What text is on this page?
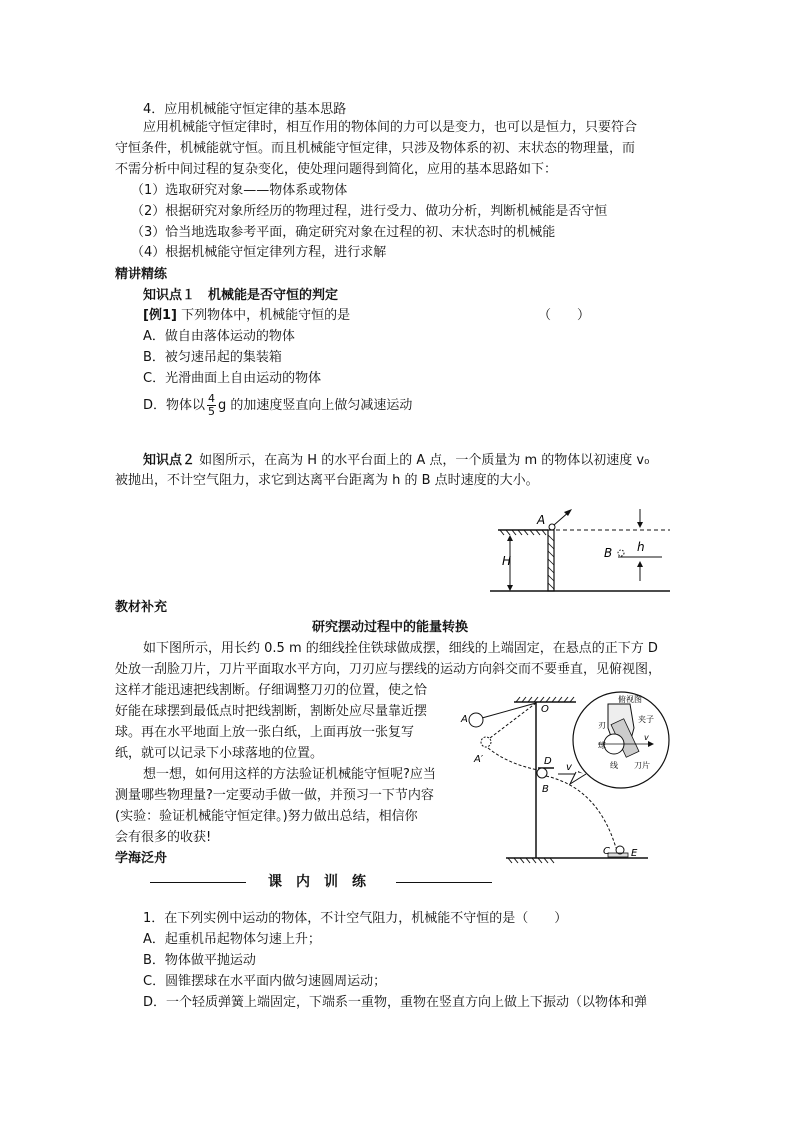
4．应用机械能守恒定律的基本思路
应用机械能守恒定律时，相互作用的物体间的力可以是变力，也可以是恒力，只要符合
守恒条件，机械能就守恒。而且机械能守恒定律，只涉及物体系的初、末状态的物理量，而
不需分析中间过程的复杂变化，使处理问题得到简化，应用的基本思路如下：
（1）选取研究对象——物体系或物体
（2）根据研究对象所经历的物理过程，进行受力、做功分析，判断机械能是否守恒
（3）恰当地选取参考平面，确定研究对象在过程的初、末状态时的机械能
（4）根据机械能守恒定律列方程，进行求解
精讲精练
知识点１　机械能是否守恒的判定
[例1] 下列物体中，机械能守恒的是	（　　）
A．做自由落体运动的物体
B．被匀速吊起的集装箱
C．光滑曲面上自由运动的物体
D．物体以 $\frac{4}{5}$ g 的加速度竖直向上做匀减速运动
知识点２ 如图所示，在高为 H 的水平台面上的 A 点，一个质量为 m 的物体以初速度 v₀
被抛出，不计空气阻力，求它到达离平台距离为 h 的 B 点时速度的大小。
H
A
h
B
教材补充
研究摆动过程中的能量转换
如下图所示，用长约 0.5 m 的细线拴住铁球做成摆，细线的上端固定，在悬点的正下方 D
处放一刮脸刀片，刀片平面取水平方向，刀刃应与摆线的运动方向斜交而不要垂直，见俯视图，
这样才能迅速把线割断。仔细调整刀刃的位置，使之恰
好能在球摆到最低点时把线割断，割断处应尽量靠近摆
球。再在水平地面上放一张白纸，上面再放一张复写
纸，就可以记录下小球落地的位置。
想一想，如何用这样的方法验证机械能守恒呢?应当
测量哪些物理量?一定要动手做一做，并预习一下节内容
(实验：验证机械能守恒定律。)努力做出总结，相信你
会有很多的收获!
O
A
A′	D
v
B
C E
俯视图
v
刃
夹子
球
线 刀片
学海泛舟
课　内　训　练
1．在下列实例中运动的物体，不计空气阻力，机械能不守恒的是（　　）
A．起重机吊起物体匀速上升；
B．物体做平抛运动
C．圆锥摆球在水平面内做匀速圆周运动；
D．一个轻质弹簧上端固定，下端系一重物，重物在竖直方向上做上下振动（以物体和弹
